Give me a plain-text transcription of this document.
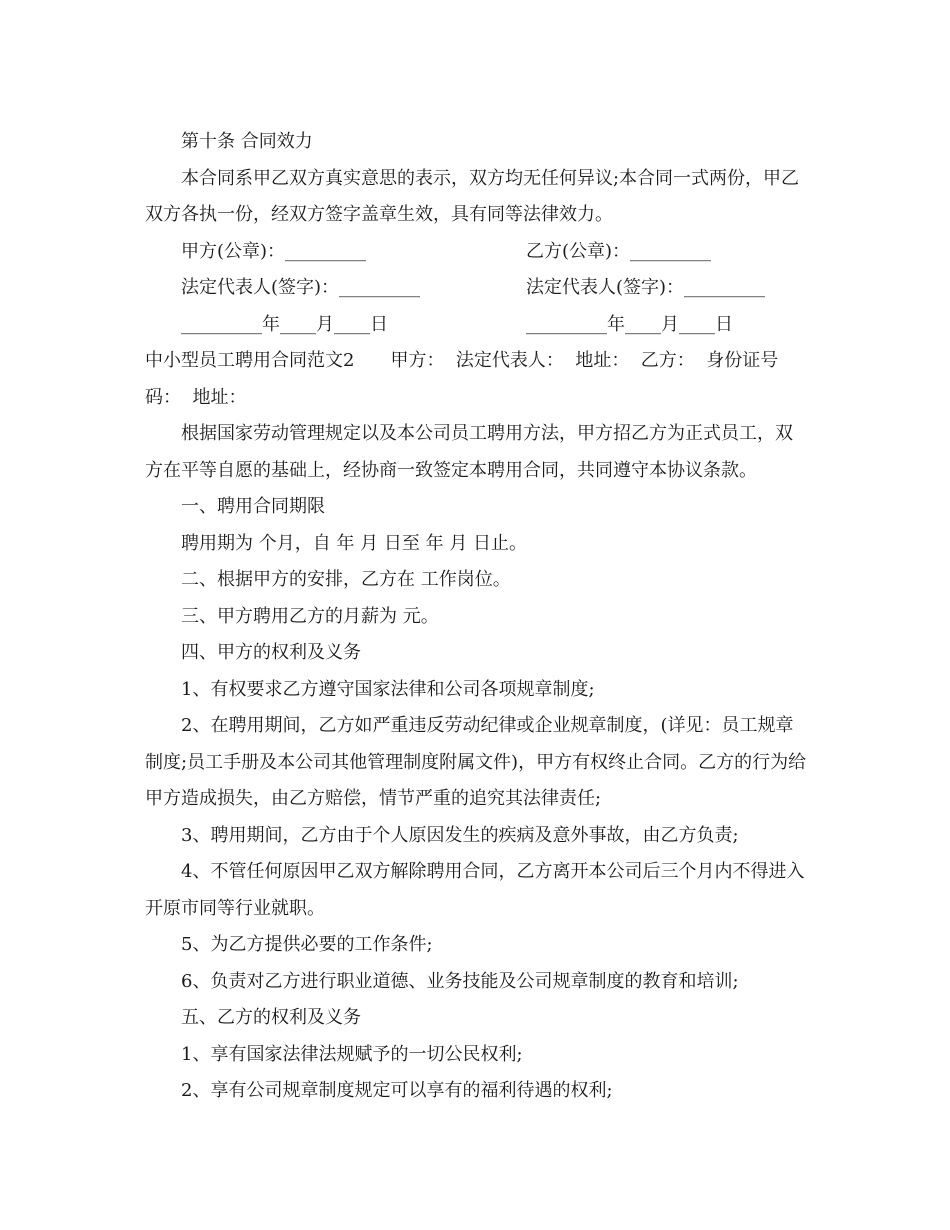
第十条 合同效力

本合同系甲乙双方真实意思的表示，双方均无任何异议;本合同一式两份，甲乙双方各执一份，经双方签字盖章生效，具有同等法律效力。

甲方(公章)：_________	乙方(公章)：_________
法定代表人(签字)：_________	法定代表人(签字)：_________
_________年____月____日	_________年____月____日

中小型员工聘用合同范文2　　甲方：  法定代表人：  地址：  乙方：  身份证号码：  地址：

根据国家劳动管理规定以及本公司员工聘用方法，甲方招乙方为正式员工，双方在平等自愿的基础上，经协商一致签定本聘用合同，共同遵守本协议条款。

一、聘用合同期限

聘用期为 个月，自 年 月 日至 年 月 日止。

二、根据甲方的安排，乙方在 工作岗位。

三、甲方聘用乙方的月薪为 元。

四、甲方的权利及义务

1、有权要求乙方遵守国家法律和公司各项规章制度;

2、在聘用期间，乙方如严重违反劳动纪律或企业规章制度，(详见：员工规章制度;员工手册及本公司其他管理制度附属文件)，甲方有权终止合同。乙方的行为给甲方造成损失，由乙方赔偿，情节严重的追究其法律责任;

3、聘用期间，乙方由于个人原因发生的疾病及意外事故，由乙方负责;

4、不管任何原因甲乙双方解除聘用合同，乙方离开本公司后三个月内不得进入开原市同等行业就职。

5、为乙方提供必要的工作条件;

6、负责对乙方进行职业道德、业务技能及公司规章制度的教育和培训;

五、乙方的权利及义务

1、享有国家法律法规赋予的一切公民权利;

2、享有公司规章制度规定可以享有的福利待遇的权利;
